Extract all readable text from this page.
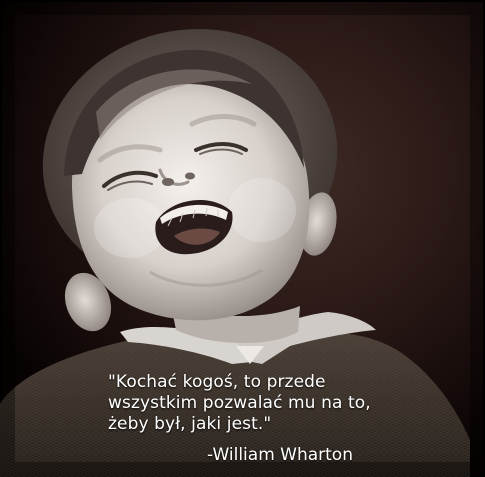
"Kochać kogoś, to przede
wszystkim pozwalać mu na to,
żeby był, jaki jest."
-William Wharton
